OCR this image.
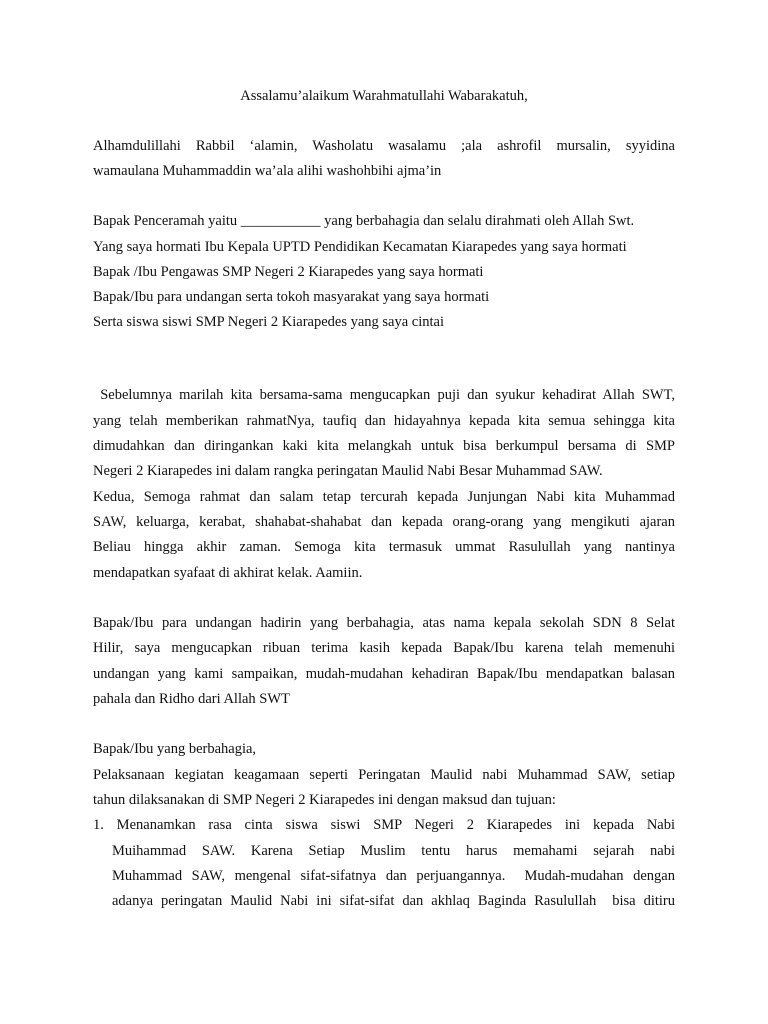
Assalamu’alaikum Warahmatullahi Wabarakatuh,
Alhamdulillahi Rabbil ‘alamin, Washolatu wasalamu ;ala ashrofil mursalin, syyidina
wamaulana Muhammaddin wa’ala alihi washohbihi ajma’in
Bapak Penceramah yaitu ___________ yang berbahagia dan selalu dirahmati oleh Allah Swt.
Yang saya hormati Ibu Kepala UPTD Pendidikan Kecamatan Kiarapedes yang saya hormati
Bapak /Ibu Pengawas SMP Negeri 2 Kiarapedes yang saya hormati
Bapak/Ibu para undangan serta tokoh masyarakat yang saya hormati
Serta siswa siswi SMP Negeri 2 Kiarapedes yang saya cintai
Sebelumnya marilah kita bersama-sama mengucapkan puji dan syukur kehadirat Allah SWT,
yang telah memberikan rahmatNya, taufiq dan hidayahnya kepada kita semua sehingga kita
dimudahkan dan diringankan kaki kita melangkah untuk bisa berkumpul bersama di SMP
Negeri 2 Kiarapedes ini dalam rangka peringatan Maulid Nabi Besar Muhammad SAW.
Kedua, Semoga rahmat dan salam tetap tercurah kepada Junjungan Nabi kita Muhammad
SAW, keluarga, kerabat, shahabat-shahabat dan kepada orang-orang yang mengikuti ajaran
Beliau hingga akhir zaman. Semoga kita termasuk ummat Rasulullah yang nantinya
mendapatkan syafaat di akhirat kelak. Aamiin.
Bapak/Ibu para undangan hadirin yang berbahagia, atas nama kepala sekolah SDN 8 Selat
Hilir, saya mengucapkan ribuan terima kasih kepada Bapak/Ibu karena telah memenuhi
undangan yang kami sampaikan, mudah-mudahan kehadiran Bapak/Ibu mendapatkan balasan
pahala dan Ridho dari Allah SWT
Bapak/Ibu yang berbahagia,
Pelaksanaan kegiatan keagamaan seperti Peringatan Maulid nabi Muhammad SAW, setiap
tahun dilaksanakan di SMP Negeri 2 Kiarapedes ini dengan maksud dan tujuan:
1. Menanamkan rasa cinta siswa siswi SMP Negeri 2 Kiarapedes ini kepada Nabi
Muihammad SAW. Karena Setiap Muslim tentu harus memahami sejarah nabi
Muhammad SAW, mengenal sifat-sifatnya dan perjuangannya.  Mudah-mudahan dengan
adanya peringatan Maulid Nabi ini sifat-sifat dan akhlaq Baginda Rasulullah  bisa ditiru
